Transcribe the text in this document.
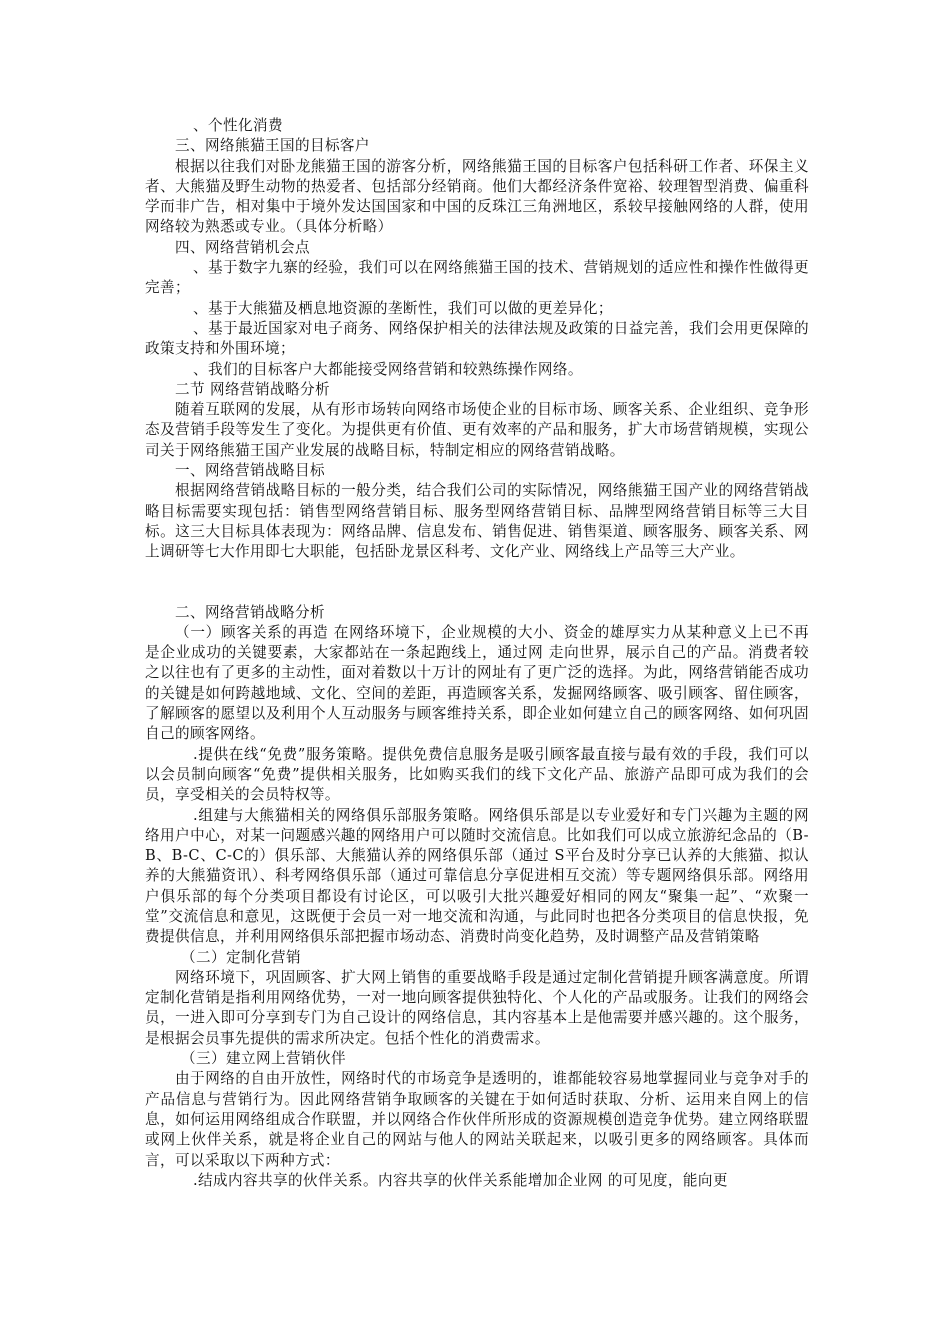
、个性化消费

三、网络熊猫王国的目标客户

根据以往我们对卧龙熊猫王国的游客分析，网络熊猫王国的目标客户包括科研工作者、环保主义者、大熊猫及野生动物的热爱者、包括部分经销商。他们大都经济条件宽裕、较理智型消费、偏重科学而非广告，相对集中于境外发达国国家和中国的反珠江三角洲地区，系较早接触网络的人群，使用网络较为熟悉或专业。（具体分析略）

四、网络营销机会点

、基于数字九寨的经验，我们可以在网络熊猫王国的技术、营销规划的适应性和操作性做得更完善；

、基于大熊猫及栖息地资源的垄断性，我们可以做的更差异化；

、基于最近国家对电子商务、网络保护相关的法律法规及政策的日益完善，我们会用更保障的政策支持和外围环境；

、我们的目标客户大都能接受网络营销和较熟练操作网络。

二节 网络营销战略分析

随着互联网的发展，从有形市场转向网络市场使企业的目标市场、顾客关系、企业组织、竞争形态及营销手段等发生了变化。为提供更有价值、更有效率的产品和服务，扩大市场营销规模，实现公司关于网络熊猫王国产业发展的战略目标，特制定相应的网络营销战略。

一、网络营销战略目标

根据网络营销战略目标的一般分类，结合我们公司的实际情况，网络熊猫王国产业的网络营销战略目标需要实现包括：销售型网络营销目标、服务型网络营销目标、品牌型网络营销目标等三大目标。这三大目标具体表现为：网络品牌、信息发布、销售促进、销售渠道、顾客服务、顾客关系、网上调研等七大作用即七大职能，包括卧龙景区科考、文化产业、网络线上产品等三大产业。

二、网络营销战略分析

（一）顾客关系的再造 在网络环境下，企业规模的大小、资金的雄厚实力从某种意义上已不再是企业成功的关键要素，大家都站在一条起跑线上，通过网 走向世界，展示自己的产品。消费者较之以往也有了更多的主动性，面对着数以十万计的网址有了更广泛的选择。为此，网络营销能否成功的关键是如何跨越地域、文化、空间的差距，再造顾客关系，发掘网络顾客、吸引顾客、留住顾客，了解顾客的愿望以及利用个人互动服务与顾客维持关系，即企业如何建立自己的顾客网络、如何巩固自己的顾客网络。

.提供在线“免费”服务策略。提供免费信息服务是吸引顾客最直接与最有效的手段，我们可以以会员制向顾客“免费”提供相关服务，比如购买我们的线下文化产品、旅游产品即可成为我们的会员，享受相关的会员特权等。

.组建与大熊猫相关的网络俱乐部服务策略。网络俱乐部是以专业爱好和专门兴趣为主题的网络用户中心，对某一问题感兴趣的网络用户可以随时交流信息。比如我们可以成立旅游纪念品的（B-B、B-C、C-C的）俱乐部、大熊猫认养的网络俱乐部（通过 S平台及时分享已认养的大熊猫、拟认养的大熊猫资讯）、科考网络俱乐部（通过可靠信息分享促进相互交流）等专题网络俱乐部。网络用户俱乐部的每个分类项目都设有讨论区，可以吸引大批兴趣爱好相同的网友“聚集一起”、“欢聚一堂”交流信息和意见，这既便于会员一对一地交流和沟通，与此同时也把各分类项目的信息快报，免费提供信息，并利用网络俱乐部把握市场动态、消费时尚变化趋势，及时调整产品及营销策略

（二）定制化营销

网络环境下，巩固顾客、扩大网上销售的重要战略手段是通过定制化营销提升顾客满意度。所谓定制化营销是指利用网络优势，一对一地向顾客提供独特化、个人化的产品或服务。让我们的网络会员，一进入即可分享到专门为自己设计的网络信息，其内容基本上是他需要并感兴趣的。这个服务，是根据会员事先提供的需求所决定。包括个性化的消费需求。

（三）建立网上营销伙伴

由于网络的自由开放性，网络时代的市场竞争是透明的，谁都能较容易地掌握同业与竞争对手的产品信息与营销行为。因此网络营销争取顾客的关键在于如何适时获取、分析、运用来自网上的信息，如何运用网络组成合作联盟，并以网络合作伙伴所形成的资源规模创造竞争优势。建立网络联盟或网上伙伴关系，就是将企业自己的网站与他人的网站关联起来，以吸引更多的网络顾客。具体而言，可以采取以下两种方式：

.结成内容共享的伙伴关系。内容共享的伙伴关系能增加企业网 的可见度，能向更
